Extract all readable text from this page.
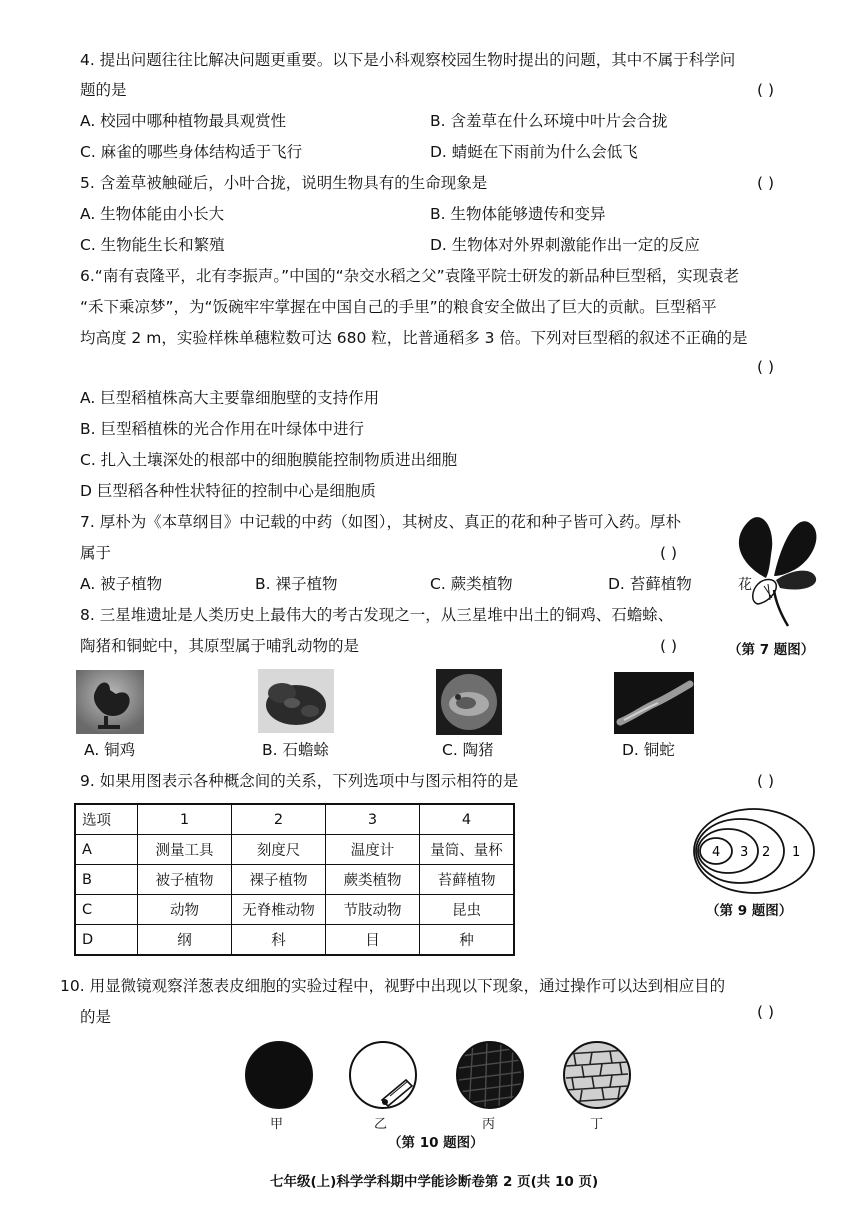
4. 提出问题往往比解决问题更重要。以下是小科观察校园生物时提出的问题，其中不属于科学问
题的是	( )
A. 校园中哪种植物最具观赏性	B. 含羞草在什么环境中叶片会合拢
C. 麻雀的哪些身体结构适于飞行	D. 蜻蜓在下雨前为什么会低飞
5. 含羞草被触碰后，小叶合拢，说明生物具有的生命现象是	( )
A. 生物体能由小长大	B. 生物体能够遗传和变异
C. 生物能生长和繁殖	D. 生物体对外界刺激能作出一定的反应
6.“南有袁隆平，北有李振声。”中国的“杂交水稻之父”袁隆平院士研发的新品种巨型稻，实现袁老
“禾下乘凉梦”，为“饭碗牢牢掌握在中国自己的手里”的粮食安全做出了巨大的贡献。巨型稻平
均高度 2 m，实验样株单穗粒数可达 680 粒，比普通稻多 3 倍。下列对巨型稻的叙述不正确的是
( )
A. 巨型稻植株高大主要靠细胞壁的支持作用
B. 巨型稻植株的光合作用在叶绿体中进行
C. 扎入土壤深处的根部中的细胞膜能控制物质进出细胞
D 巨型稻各种性状特征的控制中心是细胞质
7. 厚朴为《本草纲目》中记载的中药（如图），其树皮、真正的花和种子皆可入药。厚朴
属于	( )
A. 被子植物	B. 裸子植物	C. 蕨类植物	D. 苔藓植物	花
（第 7 题图）
8. 三星堆遗址是人类历史上最伟大的考古发现之一，从三星堆中出土的铜鸡、石蟾蜍、
陶猪和铜蛇中，其原型属于哺乳动物的是	( )
A. 铜鸡	B. 石蟾蜍	C. 陶猪	D. 铜蛇
9. 如果用图表示各种概念间的关系，下列选项中与图示相符的是	( )
选项	1	2	3	4
A	测量工具	刻度尺	温度计	量筒、量杯
B	被子植物	裸子植物	蕨类植物	苔藓植物
C	动物	无脊椎动物	节肢动物	昆虫
D	纲	科	目	种
4 3 2 1
（第 9 题图）
10. 用显微镜观察洋葱表皮细胞的实验过程中，视野中出现以下现象，通过操作可以达到相应目的
的是	( )
甲	乙	丙	丁
（第 10 题图）
七年级(上)科学学科期中学能诊断卷第 2 页(共 10 页)
